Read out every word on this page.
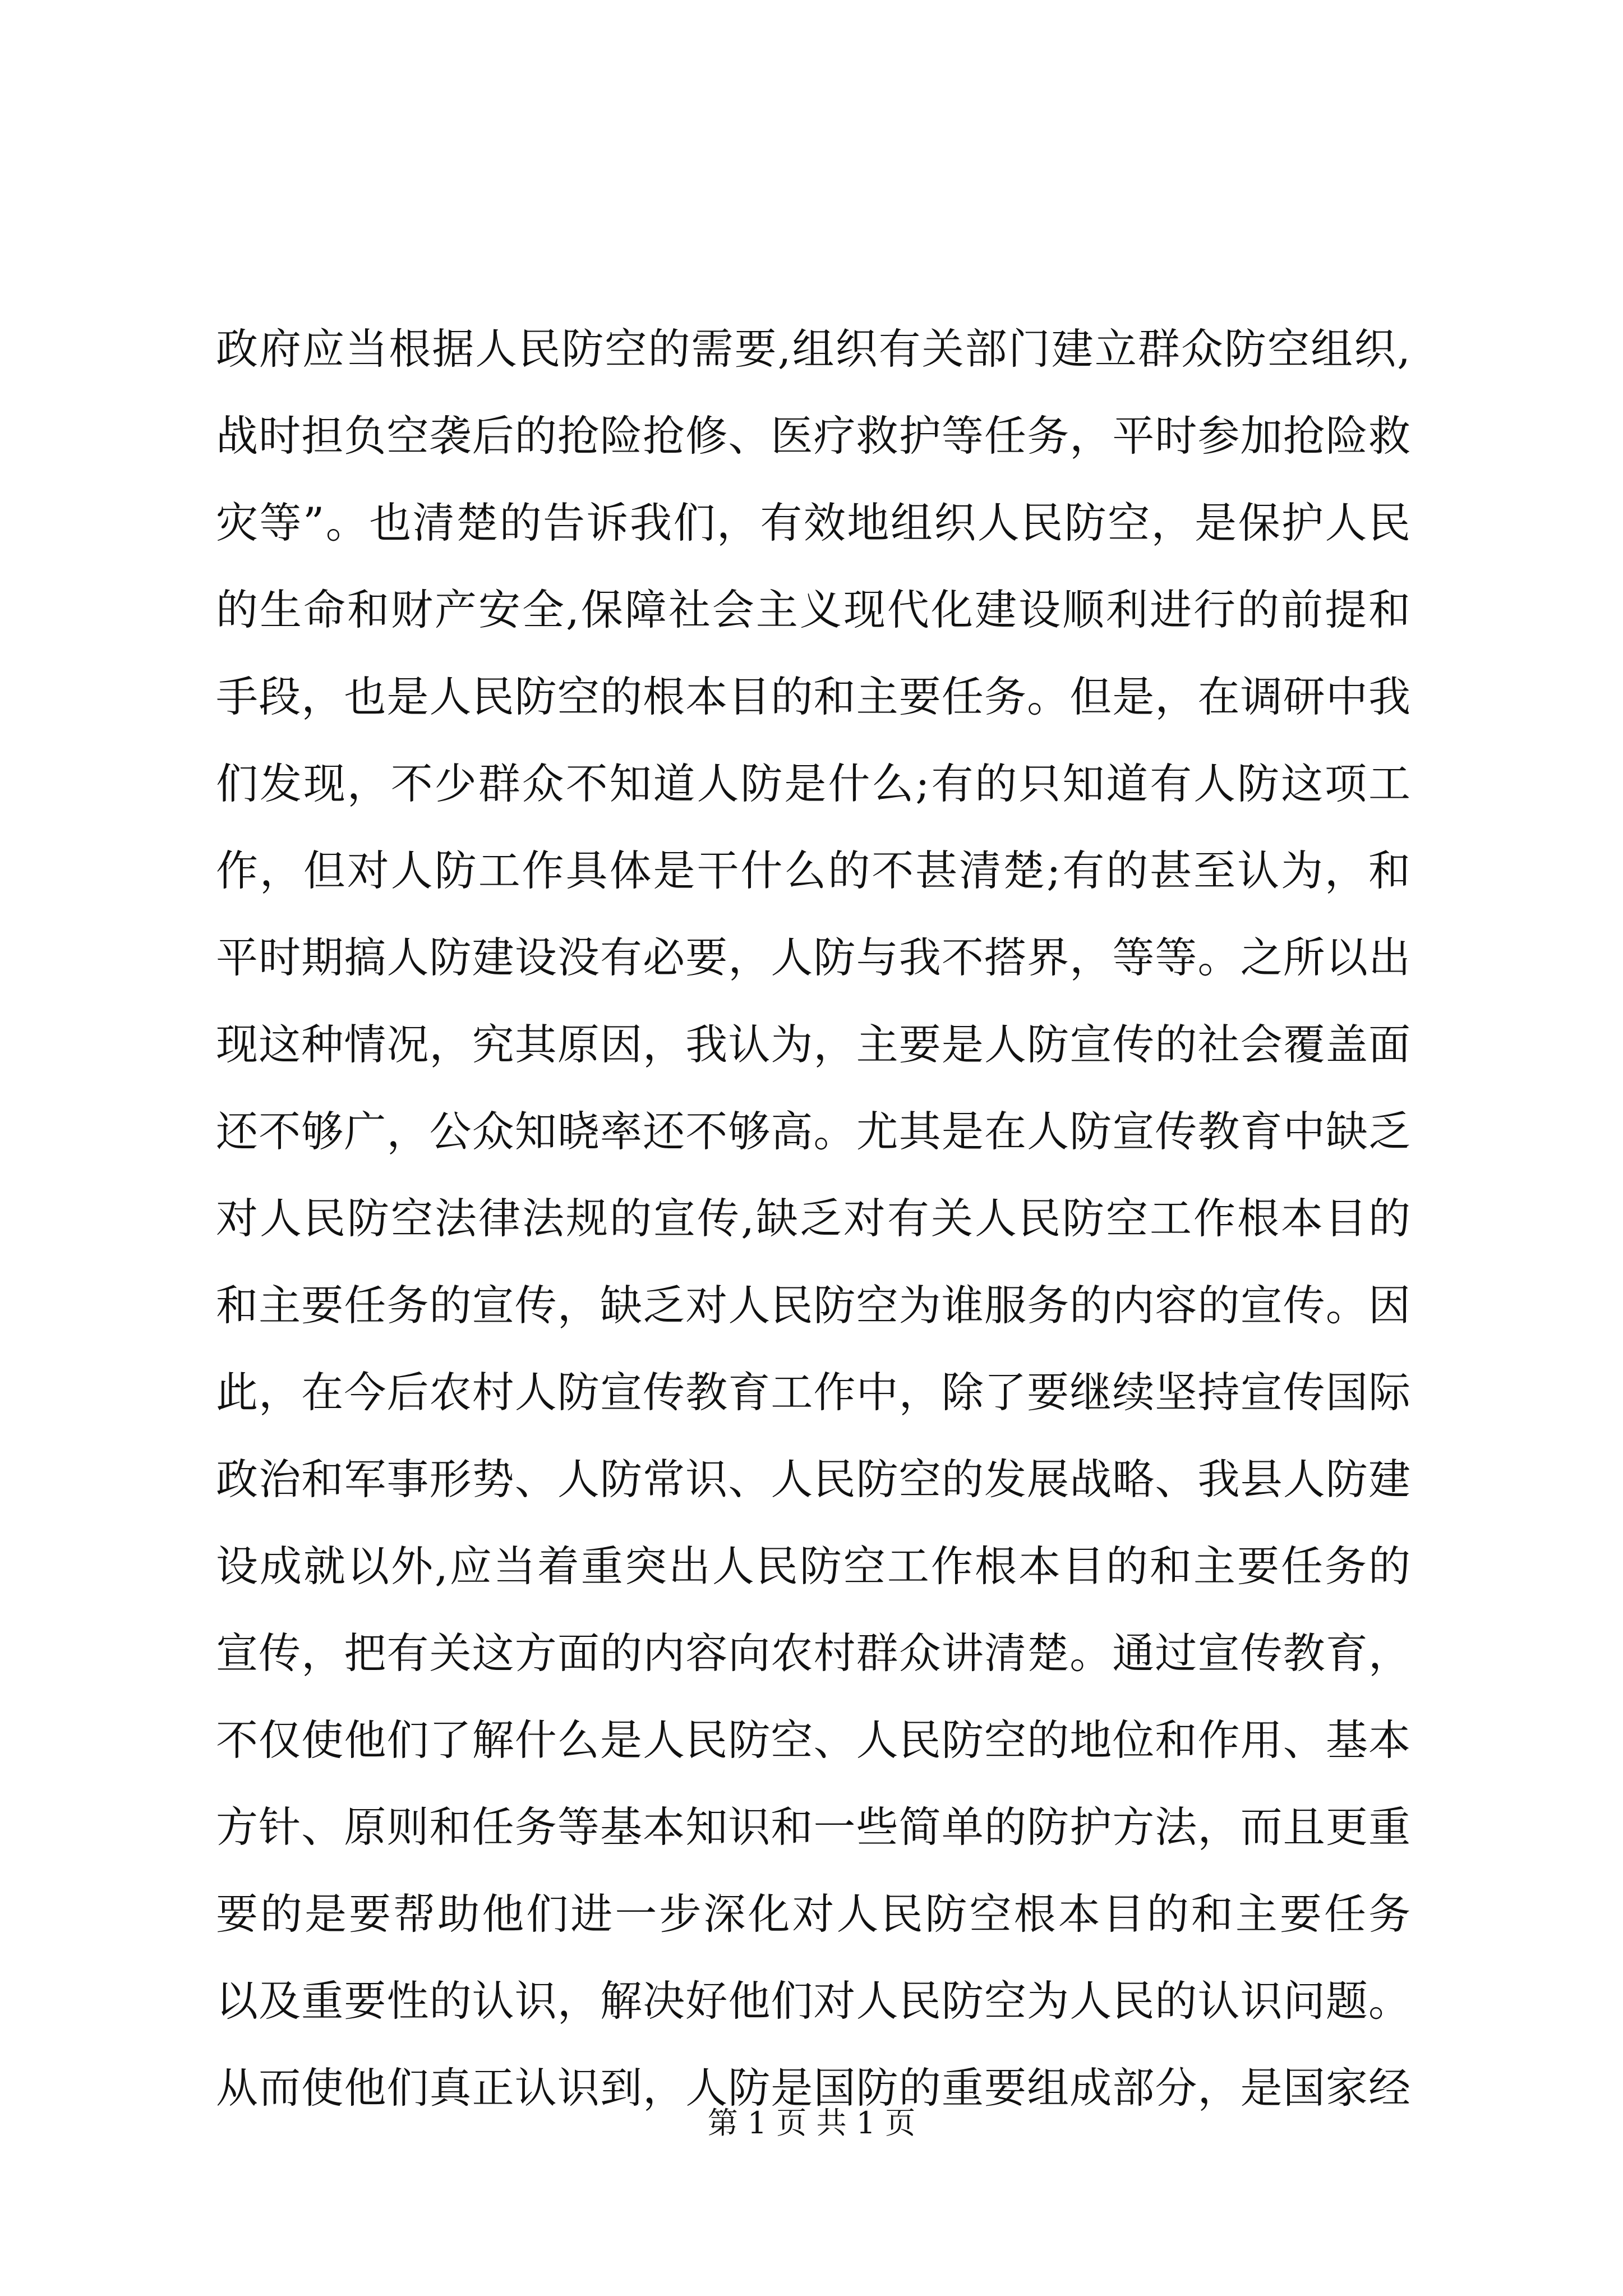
政府应当根据人民防空的需要,组织有关部门建立群众防空组织,
战时担负空袭后的抢险抢修、医疗救护等任务，平时参加抢险救
灾等”。也清楚的告诉我们，有效地组织人民防空，是保护人民
的生命和财产安全,保障社会主义现代化建设顺利进行的前提和
手段，也是人民防空的根本目的和主要任务。但是，在调研中我
们发现，不少群众不知道人防是什么;有的只知道有人防这项工
作，但对人防工作具体是干什么的不甚清楚;有的甚至认为，和
平时期搞人防建设没有必要，人防与我不搭界，等等。之所以出
现这种情况，究其原因，我认为，主要是人防宣传的社会覆盖面
还不够广，公众知晓率还不够高。尤其是在人防宣传教育中缺乏
对人民防空法律法规的宣传,缺乏对有关人民防空工作根本目的
和主要任务的宣传，缺乏对人民防空为谁服务的内容的宣传。因
此，在今后农村人防宣传教育工作中，除了要继续坚持宣传国际
政治和军事形势、人防常识、人民防空的发展战略、我县人防建
设成就以外,应当着重突出人民防空工作根本目的和主要任务的
宣传，把有关这方面的内容向农村群众讲清楚。通过宣传教育，
不仅使他们了解什么是人民防空、人民防空的地位和作用、基本
方针、原则和任务等基本知识和一些简单的防护方法，而且更重
要的是要帮助他们进一步深化对人民防空根本目的和主要任务
以及重要性的认识，解决好他们对人民防空为人民的认识问题。
从而使他们真正认识到，人防是国防的重要组成部分，是国家经
第 1 页 共 1 页
